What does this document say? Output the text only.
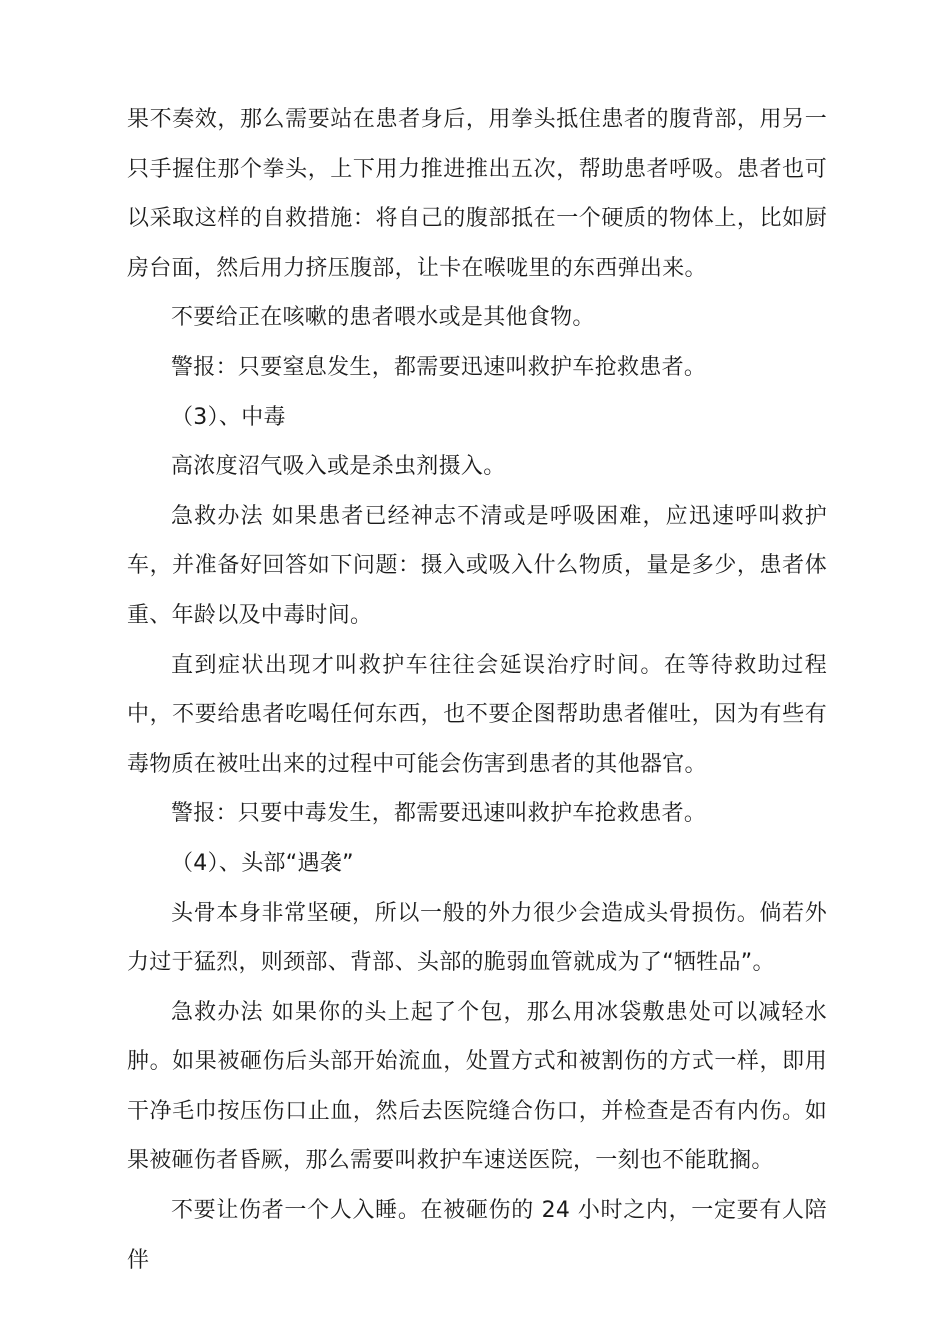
果不奏效，那么需要站在患者身后，用拳头抵住患者的腹背部，用另一只手握住那个拳头，上下用力推进推出五次，帮助患者呼吸。患者也可以采取这样的自救措施：将自己的腹部抵在一个硬质的物体上，比如厨房台面，然后用力挤压腹部，让卡在喉咙里的东西弹出来。

不要给正在咳嗽的患者喂水或是其他食物。

警报：只要窒息发生，都需要迅速叫救护车抢救患者。

（3）、中毒

高浓度沼气吸入或是杀虫剂摄入。

急救办法 如果患者已经神志不清或是呼吸困难，应迅速呼叫救护车，并准备好回答如下问题：摄入或吸入什么物质，量是多少，患者体重、年龄以及中毒时间。

直到症状出现才叫救护车往往会延误治疗时间。在等待救助过程中，不要给患者吃喝任何东西，也不要企图帮助患者催吐，因为有些有毒物质在被吐出来的过程中可能会伤害到患者的其他器官。

警报：只要中毒发生，都需要迅速叫救护车抢救患者。

（4）、头部“遇袭”

头骨本身非常坚硬，所以一般的外力很少会造成头骨损伤。倘若外力过于猛烈，则颈部、背部、头部的脆弱血管就成为了“牺牲品”。

急救办法 如果你的头上起了个包，那么用冰袋敷患处可以减轻水肿。如果被砸伤后头部开始流血，处置方式和被割伤的方式一样，即用干净毛巾按压伤口止血，然后去医院缝合伤口，并检查是否有内伤。如果被砸伤者昏厥，那么需要叫救护车速送医院，一刻也不能耽搁。

不要让伤者一个人入睡。在被砸伤的 24 小时之内，一定要有人陪伴
